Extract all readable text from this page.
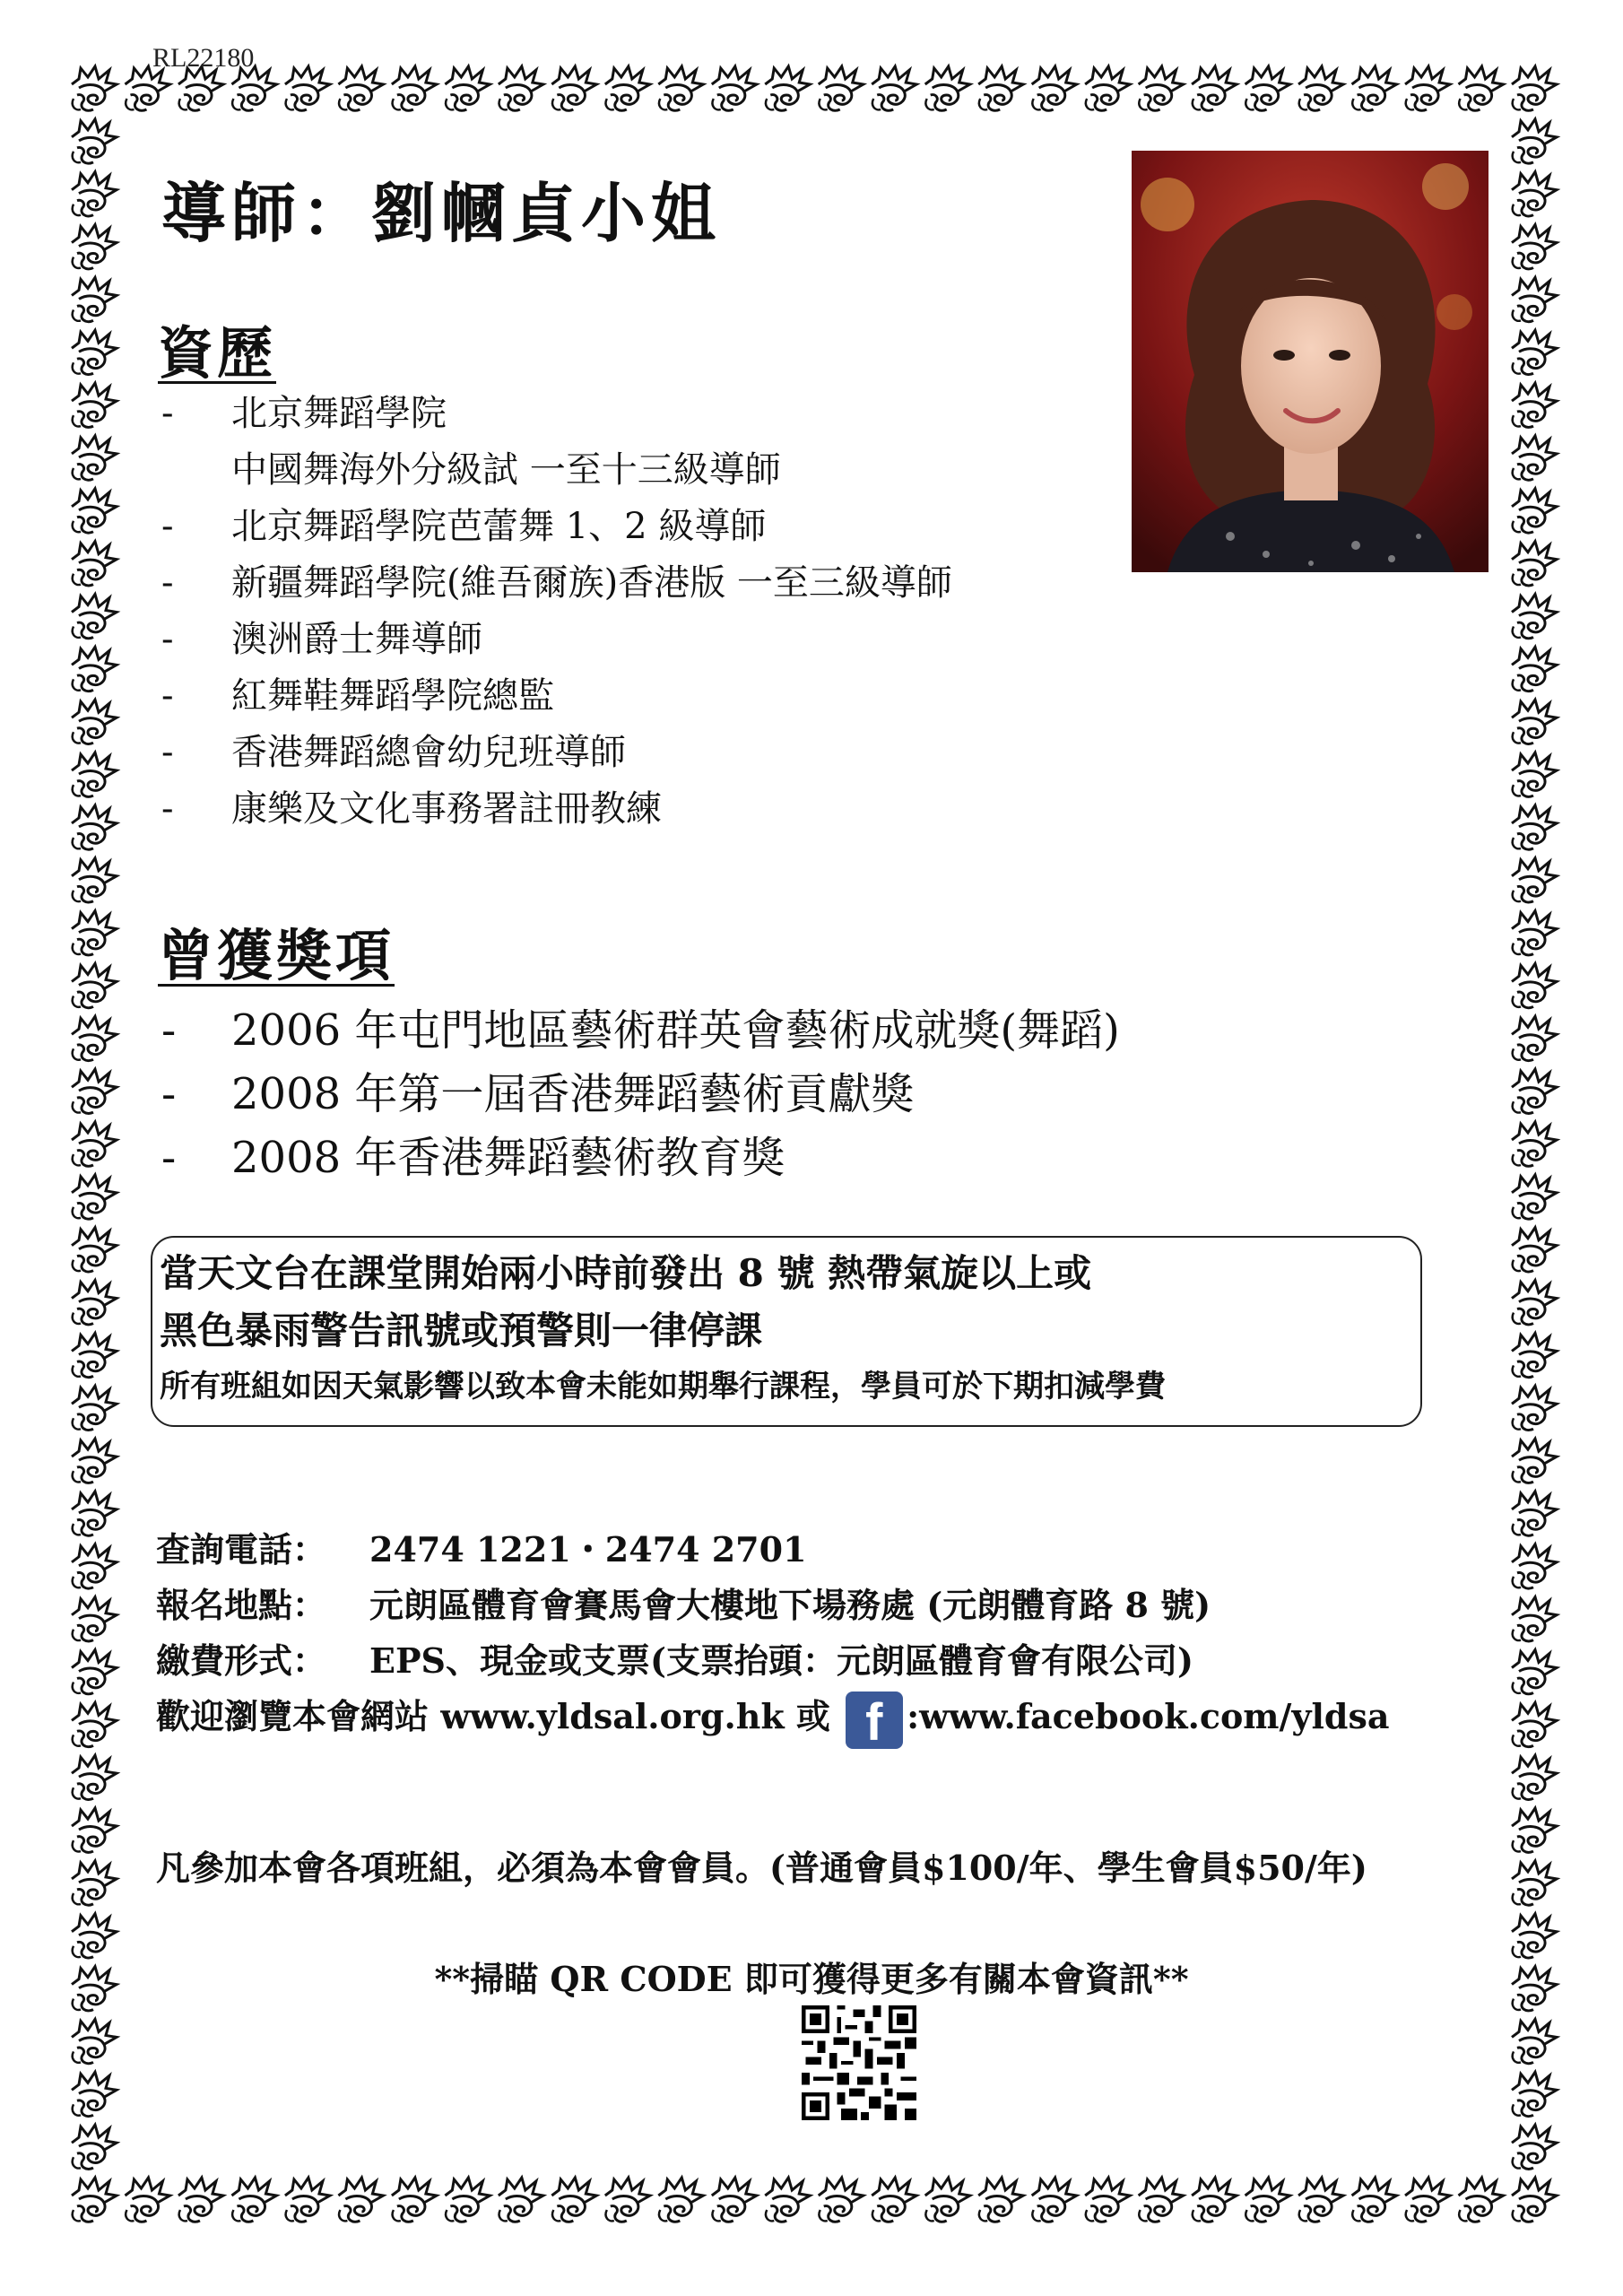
RL22180
導師：劉幗貞小姐
資歷
- 北京舞蹈學院
中國舞海外分級試 一至十三級導師
- 北京舞蹈學院芭蕾舞 1、2 級導師
- 新疆舞蹈學院(維吾爾族)香港版 一至三級導師
- 澳洲爵士舞導師
- 紅舞鞋舞蹈學院總監
- 香港舞蹈總會幼兒班導師
- 康樂及文化事務署註冊教練
曾獲獎項
- 2006 年屯門地區藝術群英會藝術成就獎(舞蹈)
- 2008 年第一屆香港舞蹈藝術貢獻獎
- 2008 年香港舞蹈藝術教育獎
當天文台在課堂開始兩小時前發出 8 號 熱帶氣旋以上或
黑色暴雨警告訊號或預警則一律停課
所有班組如因天氣影響以致本會未能如期舉行課程，學員可於下期扣減學費
查詢電話： 2474 1221・2474 2701
報名地點： 元朗區體育會賽馬會大樓地下場務處 (元朗體育路 8 號)
繳費形式： EPS、現金或支票(支票抬頭：元朗區體育會有限公司)
歡迎瀏覽本會網站 www.yldsal.org.hk 或 f :www.facebook.com/yldsa
凡參加本會各項班組，必須為本會會員。(普通會員$100/年、學生會員$50/年)
**掃瞄 QR CODE 即可獲得更多有關本會資訊**
